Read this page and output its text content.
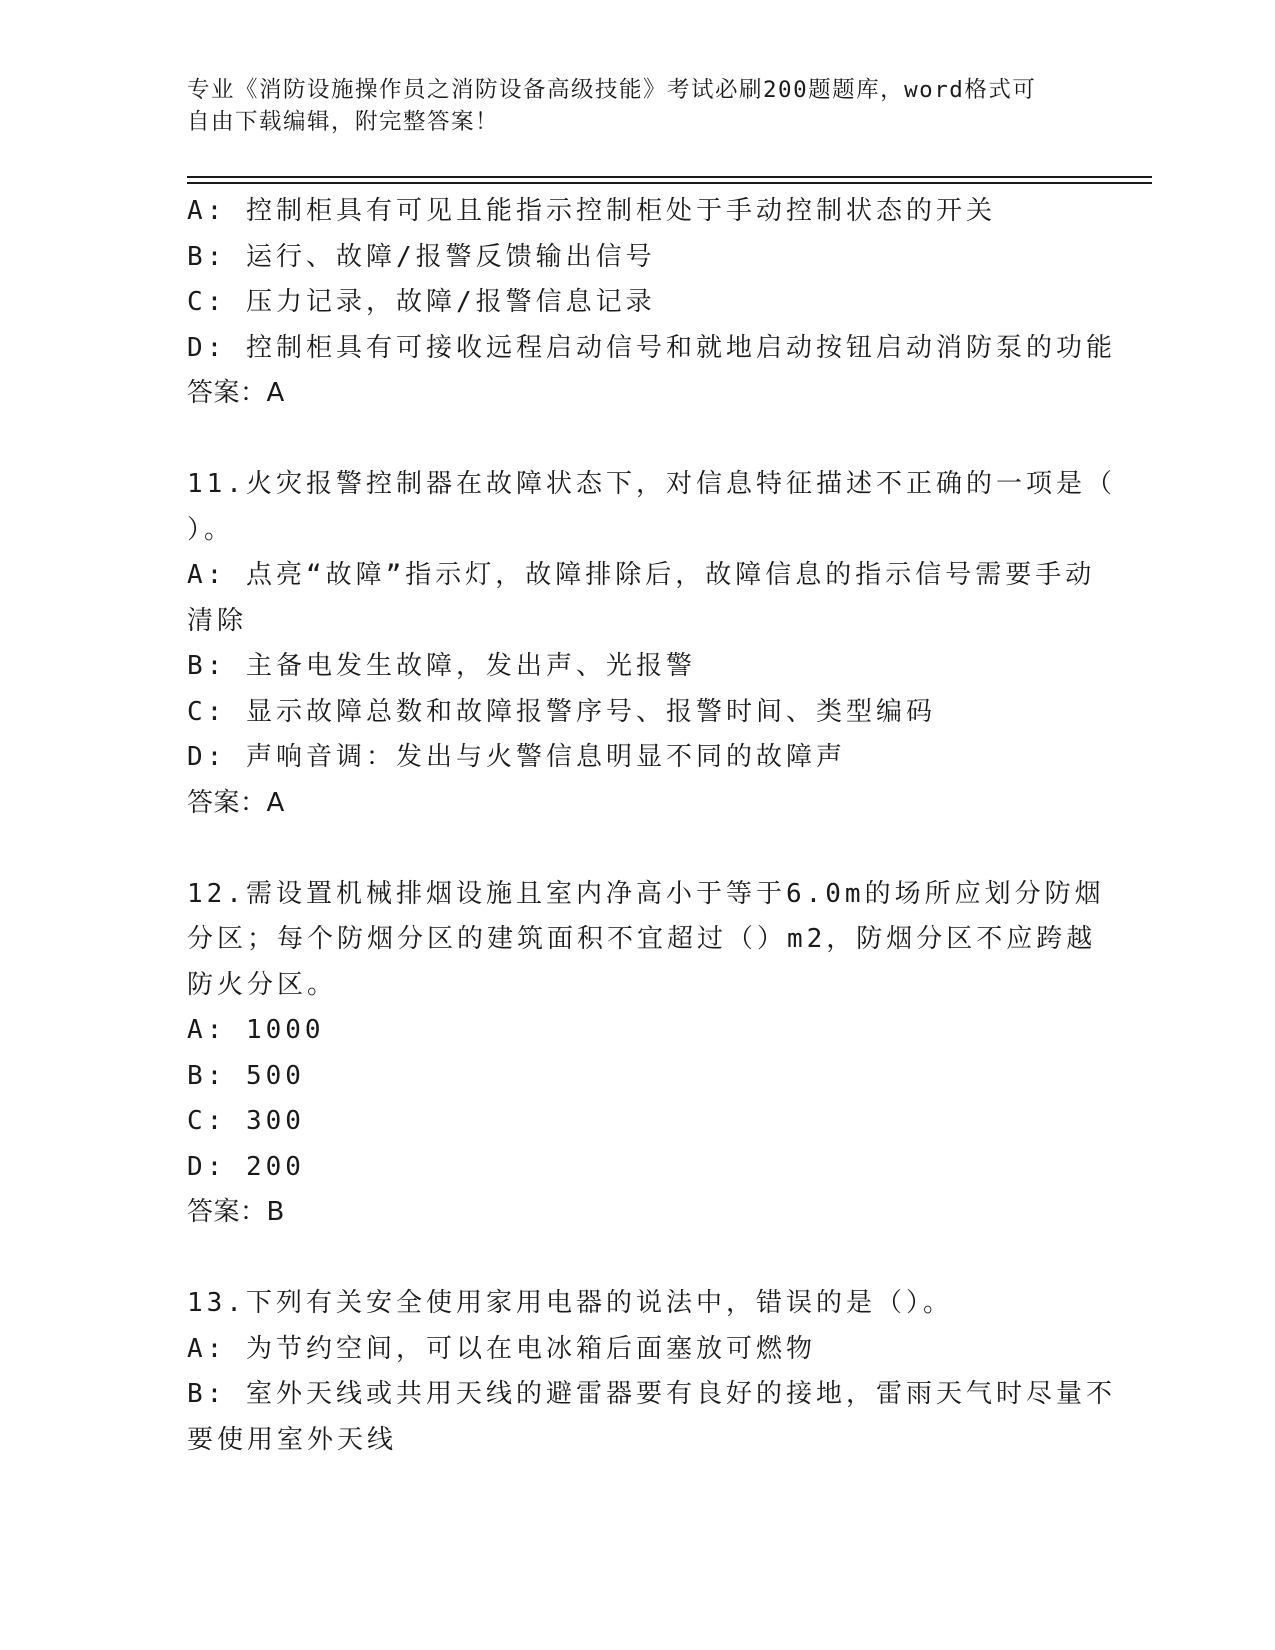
专业《消防设施操作员之消防设备高级技能》考试必刷200题题库，word格式可
自由下载编辑，附完整答案！
A: 控制柜具有可见且能指示控制柜处于手动控制状态的开关
B: 运行、故障/报警反馈输出信号
C: 压力记录，故障/报警信息记录
D: 控制柜具有可接收远程启动信号和就地启动按钮启动消防泵的功能
答案：A
11.火灾报警控制器在故障状态下，对信息特征描述不正确的一项是（
）。
A: 点亮“故障”指示灯，故障排除后，故障信息的指示信号需要手动
清除
B: 主备电发生故障，发出声、光报警
C: 显示故障总数和故障报警序号、报警时间、类型编码
D: 声响音调：发出与火警信息明显不同的故障声
答案：A
12.需设置机械排烟设施且室内净高小于等于6.0m的场所应划分防烟
分区；每个防烟分区的建筑面积不宜超过（）m2，防烟分区不应跨越
防火分区。
A: 1000
B: 500
C: 300
D: 200
答案：B
13.下列有关安全使用家用电器的说法中，错误的是（）。
A: 为节约空间，可以在电冰箱后面塞放可燃物
B: 室外天线或共用天线的避雷器要有良好的接地，雷雨天气时尽量不
要使用室外天线
